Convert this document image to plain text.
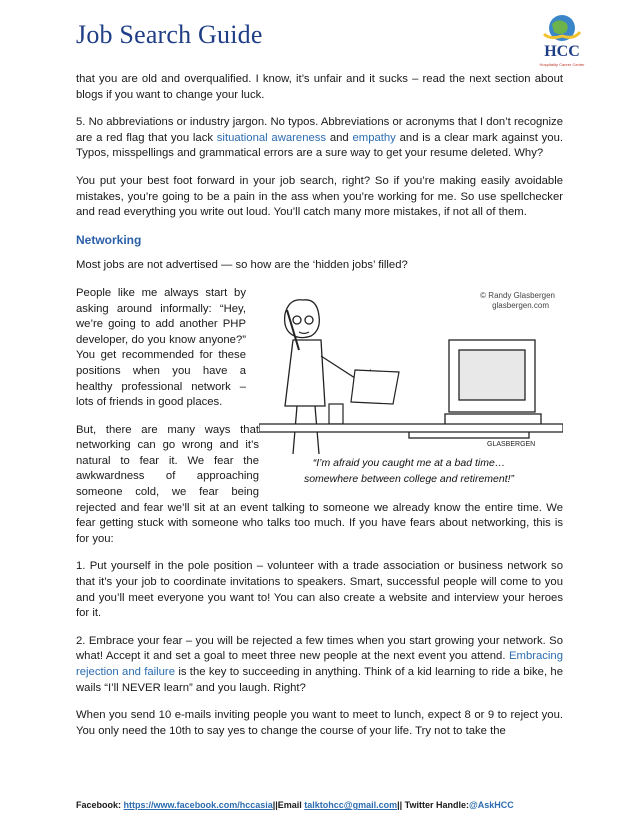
Job Search Guide
HCC
Hospitality Career Center

that you are old and overqualified. I know, it’s unfair and it sucks – read the next section about blogs if you want to change your luck.

5. No abbreviations or industry jargon. No typos. Abbreviations or acronyms that I don’t recognize are a red flag that you lack situational awareness and empathy and is a clear mark against you. Typos, misspellings and grammatical errors are a sure way to get your resume deleted. Why?

You put your best foot forward in your job search, right? So if you’re making easily avoidable mistakes, you’re going to be a pain in the ass when you’re working for me. So use spellchecker and read everything you write out loud. You’ll catch many more mistakes, if not all of them.

Networking

Most jobs are not advertised — so how are the ‘hidden jobs’ filled?

© Randy Glasbergen
glasbergen.com
GLASBERGEN
“I’m afraid you caught me at a bad time…
somewhere between college and retirement!”

People like me always start by asking around informally: “Hey, we’re going to add another PHP developer, do you know anyone?” You get recommended for these positions when you have a healthy professional network – lots of friends in good places.

But, there are many ways that networking can go wrong and it’s natural to fear it. We fear the awkwardness of approaching someone cold, we fear being rejected and fear we’ll sit at an event talking to someone we already know the entire time. We fear getting stuck with someone who talks too much. If you have fears about networking, this is for you:

1. Put yourself in the pole position – volunteer with a trade association or business network so that it’s your job to coordinate invitations to speakers. Smart, successful people will come to you and you’ll meet everyone you want to! You can also create a website and interview your heroes for it.

2. Embrace your fear – you will be rejected a few times when you start growing your network. So what! Accept it and set a goal to meet three new people at the next event you attend. Embracing rejection and failure is the key to succeeding in anything. Think of a kid learning to ride a bike, he wails “I’ll NEVER learn” and you laugh. Right?

When you send 10 e-mails inviting people you want to meet to lunch, expect 8 or 9 to reject you. You only need the 10th to say yes to change the course of your life. Try not to take the

Facebook: https://www.facebook.com/hccasia||Email talktohcc@gmail.com|| Twitter Handle:@AskHCC
